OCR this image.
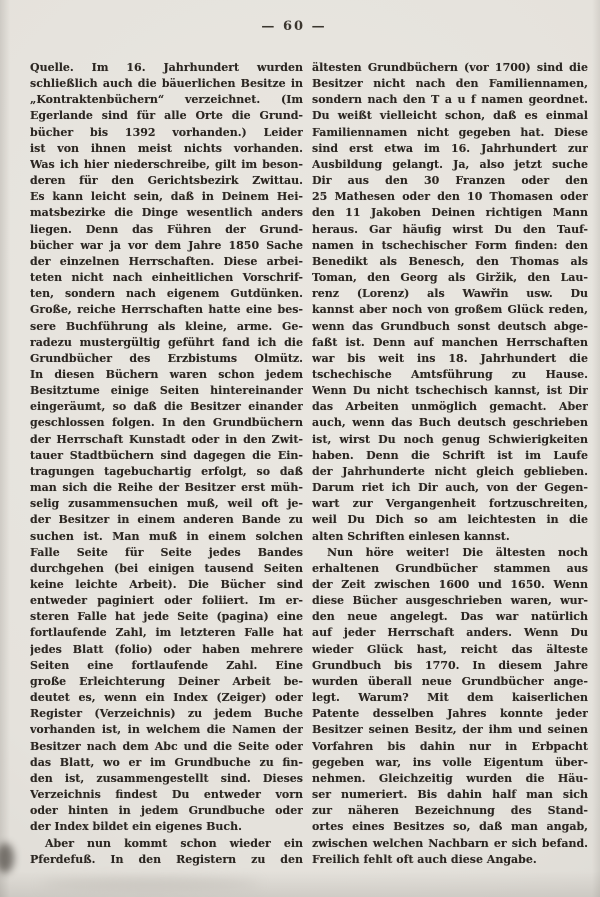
— 60 —
Quelle. Im 16. Jahrhundert wurden
schließlich auch die bäuerlichen Besitze in
„Kontraktenbüchern“ verzeichnet. (Im
Egerlande sind für alle Orte die Grund-
bücher bis 1392 vorhanden.) Leider
ist von ihnen meist nichts vorhanden.
Was ich hier niederschreibe, gilt im beson-
deren für den Gerichtsbezirk Zwittau.
Es kann leicht sein, daß in Deinem Hei-
matsbezirke die Dinge wesentlich anders
liegen. Denn das Führen der Grund-
bücher war ja vor dem Jahre 1850 Sache
der einzelnen Herrschaften. Diese arbei-
teten nicht nach einheitlichen Vorschrif-
ten, sondern nach eigenem Gutdünken.
Große, reiche Herrschaften hatte eine bes-
sere Buchführung als kleine, arme. Ge-
radezu mustergültig geführt fand ich die
Grundbücher des Erzbistums Olmütz.
In diesen Büchern waren schon jedem
Besitztume einige Seiten hintereinander
eingeräumt, so daß die Besitzer einander
geschlossen folgen. In den Grundbüchern
der Herrschaft Kunstadt oder in den Zwit-
tauer Stadtbüchern sind dagegen die Ein-
tragungen tagebuchartig erfolgt, so daß
man sich die Reihe der Besitzer erst müh-
selig zusammensuchen muß, weil oft je-
der Besitzer in einem anderen Bande zu
suchen ist. Man muß in einem solchen
Falle Seite für Seite jedes Bandes
durchgehen (bei einigen tausend Seiten
keine leichte Arbeit). Die Bücher sind
entweder paginiert oder foliiert. Im er-
steren Falle hat jede Seite (pagina) eine
fortlaufende Zahl, im letzteren Falle hat
jedes Blatt (folio) oder haben mehrere
Seiten eine fortlaufende Zahl. Eine
große Erleichterung Deiner Arbeit be-
deutet es, wenn ein Index (Zeiger) oder
Register (Verzeichnis) zu jedem Buche
vorhanden ist, in welchem die Namen der
Besitzer nach dem Abc und die Seite oder
das Blatt, wo er im Grundbuche zu fin-
den ist, zusammengestellt sind. Dieses
Verzeichnis findest Du entweder vorn
oder hinten in jedem Grundbuche oder
der Index bildet ein eigenes Buch.
Aber nun kommt schon wieder ein
Pferdefuß. In den Registern zu den
ältesten Grundbüchern (vor 1700) sind die
Besitzer nicht nach den Familiennamen,
sondern nach den T a u f namen geordnet.
Du weißt vielleicht schon, daß es einmal
Familiennamen nicht gegeben hat. Diese
sind erst etwa im 16. Jahrhundert zur
Ausbildung gelangt. Ja, also jetzt suche
Dir aus den 30 Franzen oder den
25 Mathesen oder den 10 Thomasen oder
den 11 Jakoben Deinen richtigen Mann
heraus. Gar häufig wirst Du den Tauf-
namen in tschechischer Form finden: den
Benedikt als Benesch, den Thomas als
Toman, den Georg als Giržik, den Lau-
renz (Lorenz) als Wawřin usw. Du
kannst aber noch von großem Glück reden,
wenn das Grundbuch sonst deutsch abge-
faßt ist. Denn auf manchen Herrschaften
war bis weit ins 18. Jahrhundert die
tschechische Amtsführung zu Hause.
Wenn Du nicht tschechisch kannst, ist Dir
das Arbeiten unmöglich gemacht. Aber
auch, wenn das Buch deutsch geschrieben
ist, wirst Du noch genug Schwierigkeiten
haben. Denn die Schrift ist im Laufe
der Jahrhunderte nicht gleich geblieben.
Darum riet ich Dir auch, von der Gegen-
wart zur Vergangenheit fortzuschreiten,
weil Du Dich so am leichtesten in die
alten Schriften einlesen kannst.
Nun höre weiter! Die ältesten noch
erhaltenen Grundbücher stammen aus
der Zeit zwischen 1600 und 1650. Wenn
diese Bücher ausgeschrieben waren, wur-
den neue angelegt. Das war natürlich
auf jeder Herrschaft anders. Wenn Du
wieder Glück hast, reicht das älteste
Grundbuch bis 1770. In diesem Jahre
wurden überall neue Grundbücher ange-
legt. Warum? Mit dem kaiserlichen
Patente desselben Jahres konnte jeder
Besitzer seinen Besitz, der ihm und seinen
Vorfahren bis dahin nur in Erbpacht
gegeben war, ins volle Eigentum über-
nehmen. Gleichzeitig wurden die Häu-
ser numeriert. Bis dahin half man sich
zur näheren Bezeichnung des Stand-
ortes eines Besitzes so, daß man angab,
zwischen welchen Nachbarn er sich befand.
Freilich fehlt oft auch diese Angabe.
